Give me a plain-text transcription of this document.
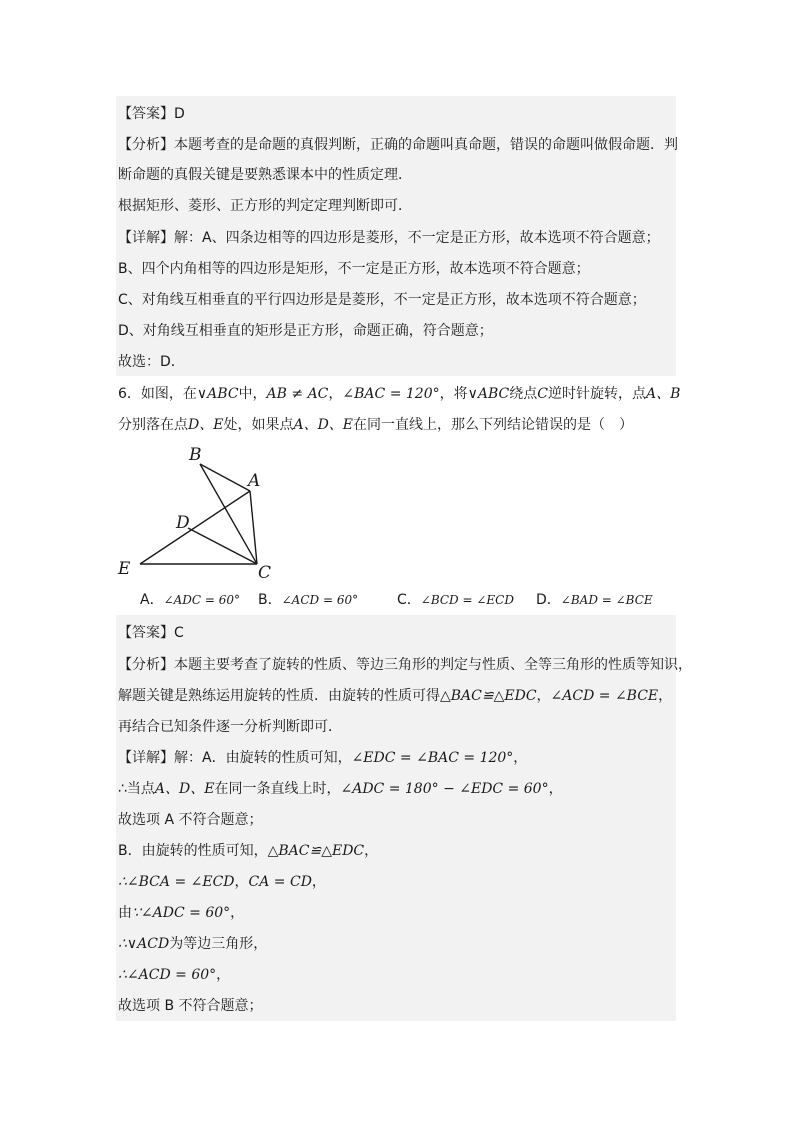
【答案】D
【分析】本题考查的是命题的真假判断，正确的命题叫真命题，错误的命题叫做假命题．判
断命题的真假关键是要熟悉课本中的性质定理．
根据矩形、菱形、正方形的判定定理判断即可．
【详解】解：A、四条边相等的四边形是菱形，不一定是正方形，故本选项不符合题意；
B、四个内角相等的四边形是矩形，不一定是正方形，故本选项不符合题意；
C、对角线互相垂直的平行四边形是是菱形，不一定是正方形，故本选项不符合题意；
D、对角线互相垂直的矩形是正方形，命题正确，符合题意；
故选：D．
6．如图，在∨ABC中，AB ≠ AC，∠BAC = 120°，将∨ABC绕点C逆时针旋转，点A、B
分别落在点D、E处，如果点A、D、E在同一直线上，那么下列结论错误的是（　）
B
A
D
E	C
A．∠ADC = 60° B．∠ACD = 60°	C．∠BCD = ∠ECD D．∠BAD = ∠BCE
【答案】C
【分析】本题主要考查了旋转的性质、等边三角形的判定与性质、全等三角形的性质等知识，
解题关键是熟练运用旋转的性质．由旋转的性质可得△BAC≌△EDC，∠ACD = ∠BCE，
再结合已知条件逐一分析判断即可．
【详解】解：A．由旋转的性质可知，∠EDC = ∠BAC = 120°，
∴当点A、D、E在同一条直线上时，∠ADC = 180° − ∠EDC = 60°，
故选项 A 不符合题意；
B．由旋转的性质可知，△BAC≌△EDC，
∴∠BCA = ∠ECD，CA = CD，
由∵∠ADC = 60°，
∴∨ACD为等边三角形，
∴∠ACD = 60°，
故选项 B 不符合题意；
